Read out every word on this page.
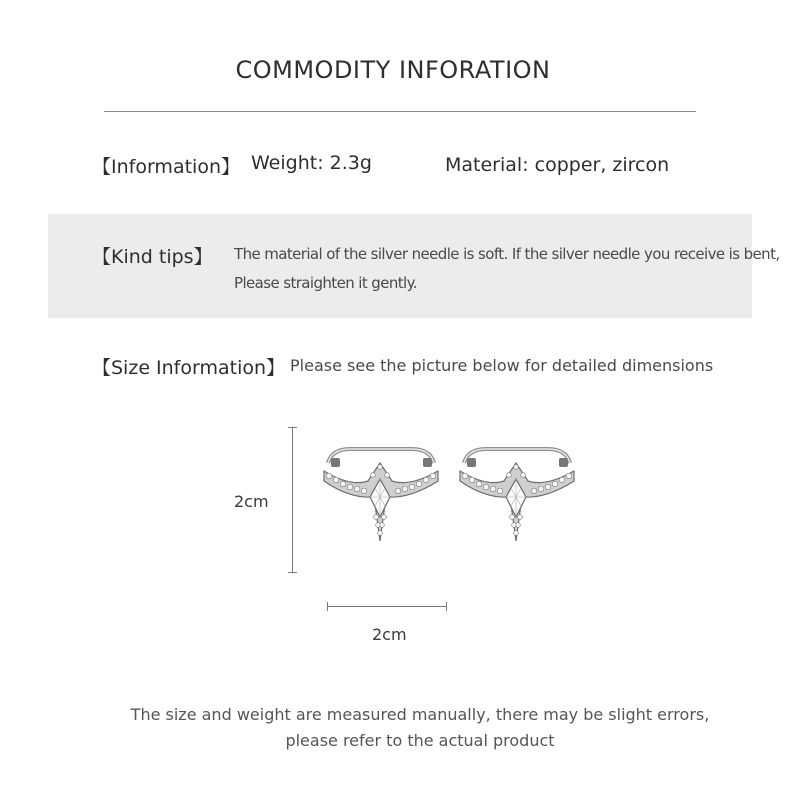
COMMODITY INFORATION
【Information】 Weight: 2.3g	Material: copper, zircon
【Kind tips】 The material of the silver needle is soft. If the silver needle you receive is bent,
Please straighten it gently.
【Size Information】 Please see the picture below for detailed dimensions
2cm
2cm
The size and weight are measured manually, there may be slight errors,
please refer to the actual product
